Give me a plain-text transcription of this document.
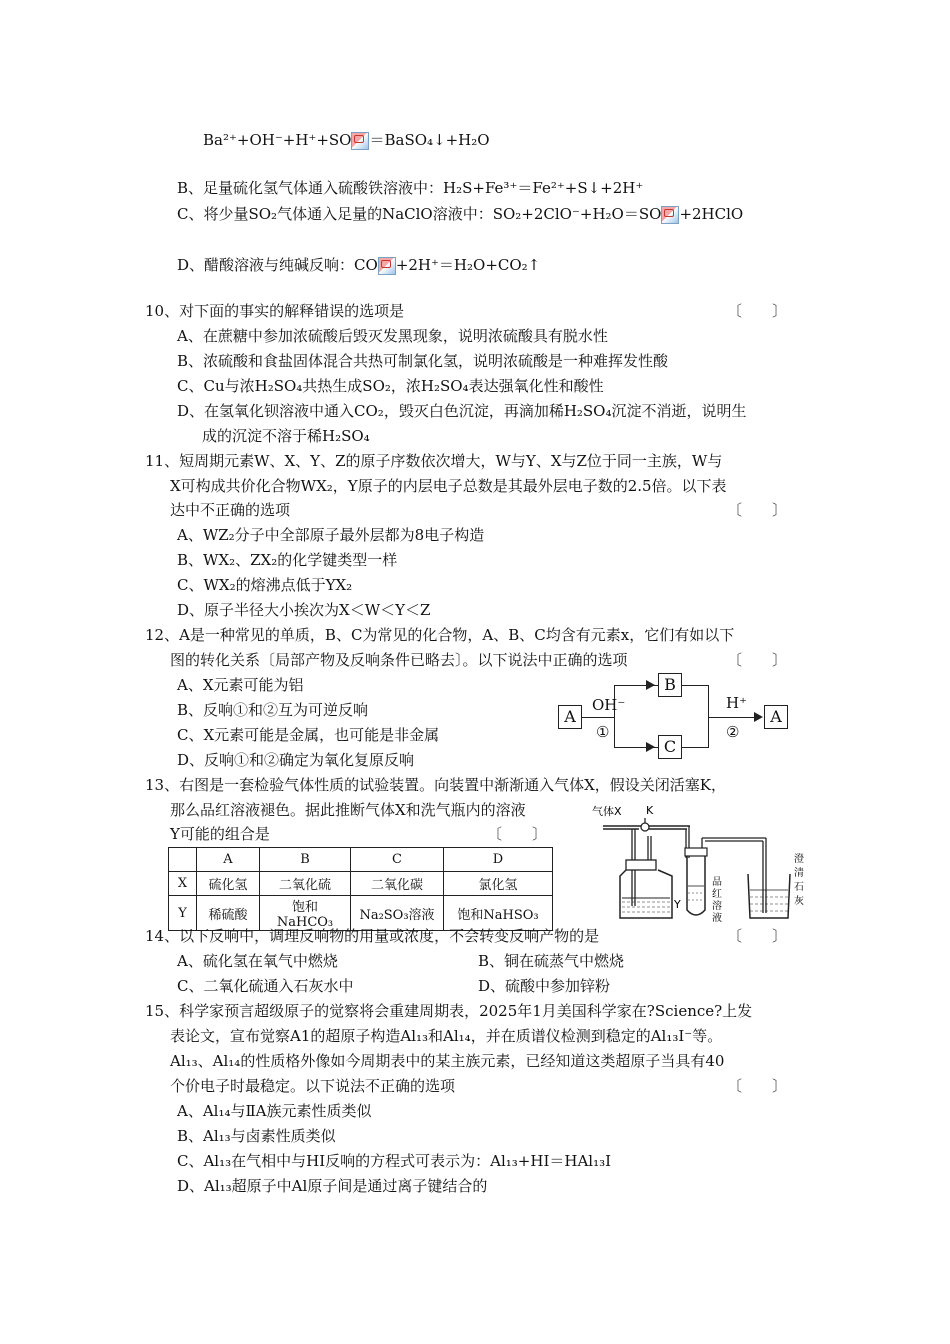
Ba²⁺+OH⁻+H⁺+SO ＝BaSO₄↓+H₂O
B、足量硫化氢气体通入硫酸铁溶液中：H₂S+Fe³⁺＝Fe²⁺+S↓+2H⁺
C、将少量SO₂气体通入足量的NaClO溶液中：SO₂+2ClO⁻+H₂O＝SO +2HClO
D、醋酸溶液与纯碱反响：CO +2H⁺＝H₂O+CO₂↑
10、对下面的事实的解释错误的选项是	〔　　〕
A、在蔗糖中参加浓硫酸后毁灭发黑现象，说明浓硫酸具有脱水性
B、浓硫酸和食盐固体混合共热可制氯化氢，说明浓硫酸是一种难挥发性酸
C、Cu与浓H₂SO₄共热生成SO₂，浓H₂SO₄表达强氧化性和酸性
D、在氢氧化钡溶液中通入CO₂，毁灭白色沉淀，再滴加稀H₂SO₄沉淀不消逝，说明生
成的沉淀不溶于稀H₂SO₄
11、短周期元素W、X、Y、Z的原子序数依次增大，W与Y、X与Z位于同一主族，W与
X可构成共价化合物WX₂，Y原子的内层电子总数是其最外层电子数的2.5倍。以下表
达中不正确的选项	〔　　〕
A、WZ₂分子中全部原子最外层都为8电子构造
B、WX₂、ZX₂的化学键类型一样
C、WX₂的熔沸点低于YX₂
D、原子半径大小挨次为X＜W＜Y＜Z
12、A是一种常见的单质，B、C为常见的化合物，A、B、C均含有元素x，它们有如以下
图的转化关系〔局部产物及反响条件已略去〕。以下说法中正确的选项	〔　　〕
A、X元素可能为铝
B、反响①和②互为可逆反响
C、X元素可能是金属，也可能是非金属
D、反响①和②确定为氧化复原反响
A
B
C
A
OH⁻
①
H⁺
②
13、右图是一套检验气体性质的试验装置。向装置中渐渐通入气体X，假设关闭活塞K，
那么品红溶液褪色。据此推断气体X和洗气瓶内的溶液
Y可能的组合是	〔　　〕
	A	B	C	D
X	硫化氢	二氧化硫	二氧化碳	氯化氢
Y	稀硫酸	饱和NaHCO₃	Na₂SO₃溶液	饱和NaHSO₃
气体X K
Y
品
红
溶
液
澄
清
石
灰
14、以下反响中，调理反响物的用量或浓度，不会转变反响产物的是	〔　　〕
A、硫化氢在氧气中燃烧	B、铜在硫蒸气中燃烧
C、二氧化硫通入石灰水中	D、硫酸中参加锌粉
15、科学家预言超级原子的觉察将会重建周期表，2025年1月美国科学家在?Science?上发
表论文，宣布觉察A1的超原子构造Al₁₃和Al₁₄，并在质谱仪检测到稳定的Al₁₃I⁻等。
Al₁₃、Al₁₄的性质格外像如今周期表中的某主族元素，已经知道这类超原子当具有40
个价电子时最稳定。以下说法不正确的选项	〔　　〕
A、Al₁₄与ⅡA族元素性质类似
B、Al₁₃与卤素性质类似
C、Al₁₃在气相中与HI反响的方程式可表示为：Al₁₃+HI＝HAl₁₃I
D、Al₁₃超原子中Al原子间是通过离子键结合的
